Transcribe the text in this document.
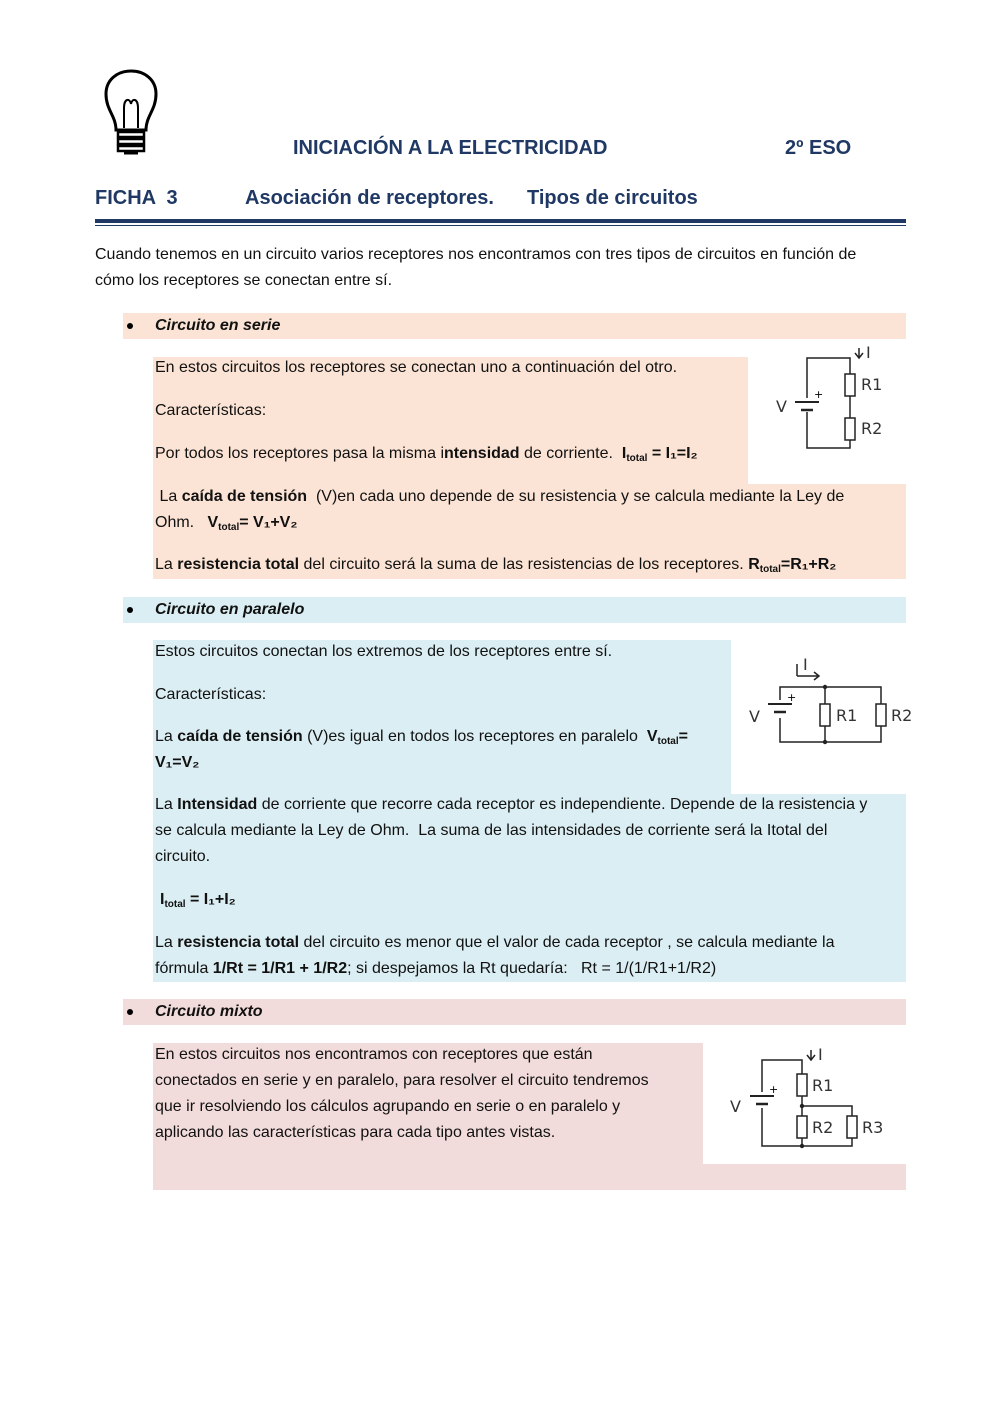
INICIACIÓN A LA ELECTRICIDAD	2º ESO
FICHA  3	Asociación de receptores. Tipos de circuitos
Cuando tenemos en un circuito varios receptores nos encontramos con tres tipos de circuitos en función de
cómo los receptores se conectan entre sí.
Circuito en serie
En estos circuitos los receptores se conectan uno a continuación del otro.
Características:
Por todos los receptores pasa la misma intensidad de corriente. $I_{total} = I_1=I_2$
La caída de tensión  (V)en cada uno depende de su resistencia y se calcula mediante la Ley de
Ohm. $V_{total}= V_1+V_2$
La resistencia total del circuito será la suma de las resistencias de los receptores. $R_{total}=R_1+R_2$
+
V
I
R1
R2
Circuito en paralelo
Estos circuitos conectan los extremos de los receptores entre sí.
Características:
La caída de tensión (V)es igual en todos los receptores en paralelo $V_{total}=$
V₁=V₂
La Intensidad de corriente que recorre cada receptor es independiente. Depende de la resistencia y
se calcula mediante la Ley de Ohm.  La suma de las intensidades de corriente será la Itotal del
circuito.
$I_{total} = I_1+I_2$
La resistencia total del circuito es menor que el valor de cada receptor , se calcula mediante la
fórmula 1/Rt = 1/R1 + 1/R2; si despejamos la Rt quedaría:   Rt = 1/(1/R1+1/R2)
+
V
I
R1 R2
Circuito mixto
En estos circuitos nos encontramos con receptores que están
conectados en serie y en paralelo, para resolver el circuito tendremos
que ir resolviendo los cálculos agrupando en serie o en paralelo y
aplicando las características para cada tipo antes vistas.
+
V
I
R1
R2 R3
